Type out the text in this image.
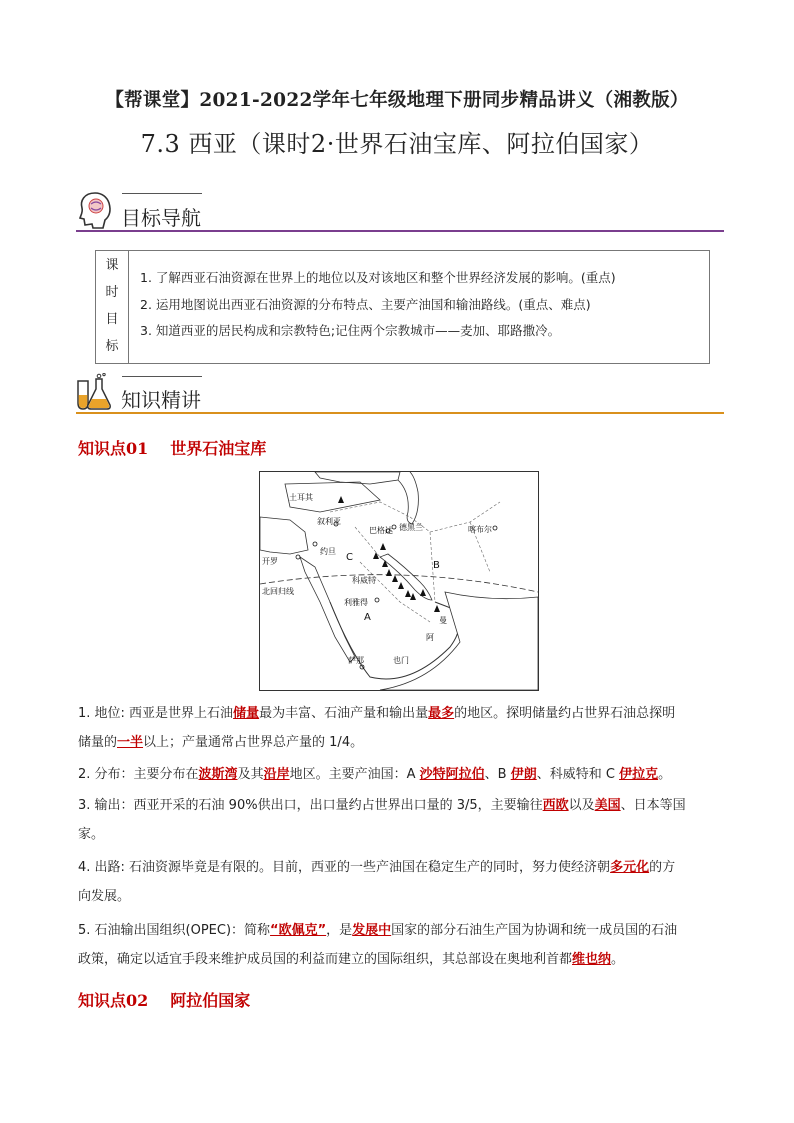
【帮课堂】2021-2022学年七年级地理下册同步精品讲义（湘教版）
7.3 西亚（课时2·世界石油宝库、阿拉伯国家）
目标导航
课
时
目
标
1. 了解西亚石油资源在世界上的地位以及对该地区和整个世界经济发展的影响。(重点)
2. 运用地图说出西亚石油资源的分布特点、主要产油国和输油路线。(重点、难点)
3. 知道西亚的居民构成和宗教特色;记住两个宗教城市——麦加、耶路撒冷。
知识精讲
知识点01 世界石油宝库
土耳其
叙利亚
巴格达 德黑兰	喀布尔
开罗
约旦
科威特
利雅得
北回归线
萨那	也门
阿
曼
A
B
C
1. 地位: 西亚是世界上石油储量最为丰富、石油产量和输出量最多的地区。探明储量约占世界石油总探明
储量的一半以上；产量通常占世界总产量的 1/4。
2. 分布：主要分布在波斯湾及其沿岸地区。主要产油国：A 沙特阿拉伯、B 伊朗、科威特和 C 伊拉克。
3. 输出：西亚开采的石油 90%供出口，出口量约占世界出口量的 3/5，主要输往西欧以及美国、日本等国
家。
4. 出路: 石油资源毕竟是有限的。目前，西亚的一些产油国在稳定生产的同时，努力使经济朝多元化的方
向发展。
5. 石油输出国组织(OPEC)：简称“欧佩克”，是发展中国家的部分石油生产国为协调和统一成员国的石油
政策，确定以适宜手段来维护成员国的利益而建立的国际组织，其总部设在奥地利首都维也纳。
知识点02 阿拉伯国家
